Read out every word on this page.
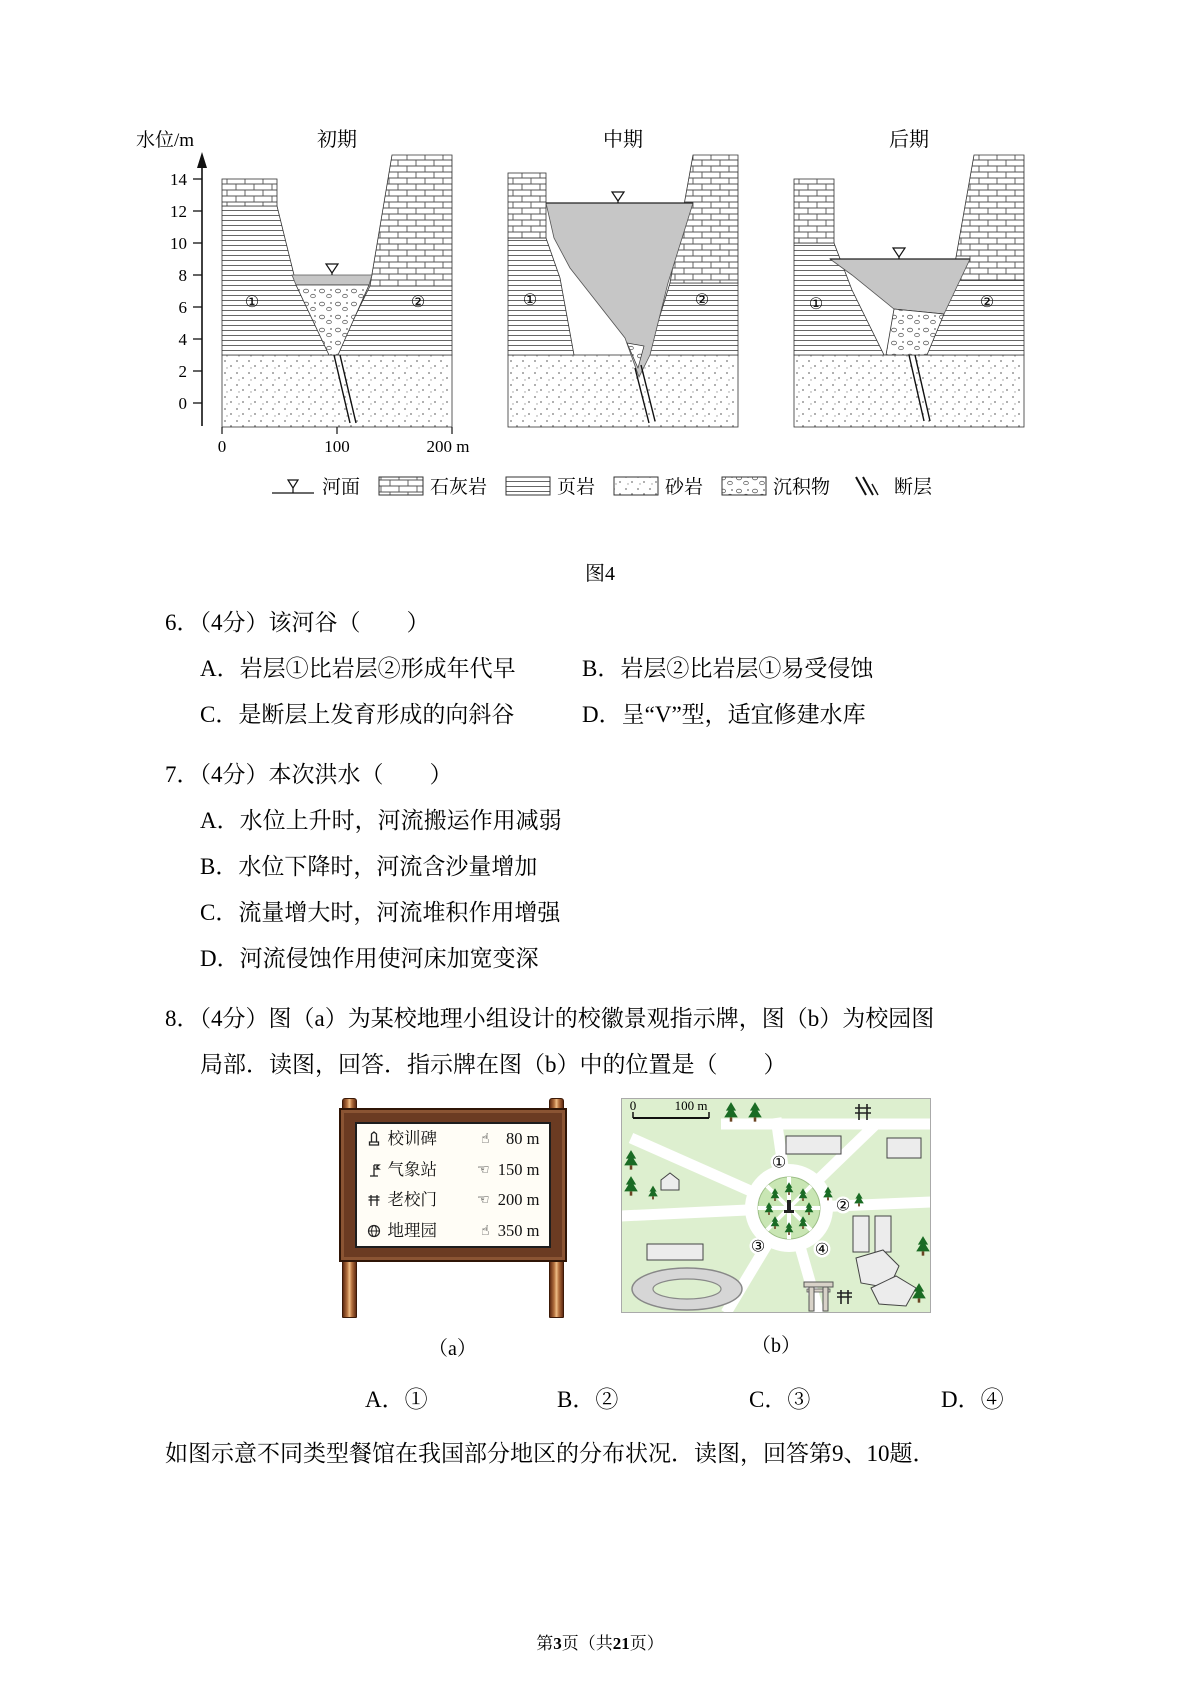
水位/m	初期	中期	后期
14
12
10
8
6
4
2
0
①	②	①	②	①	②
0	100	200 m
河面	石灰岩	页岩	砂岩	沉积物	断层
图4
6．（4分）该河谷（　　）
A．岩层①比岩层②形成年代早	B．岩层②比岩层①易受侵蚀
C．是断层上发育形成的向斜谷	D．呈“V”型，适宜修建水库
7．（4分）本次洪水（　　）
A．水位上升时，河流搬运作用减弱
B．水位下降时，河流含沙量增加
C．流量增大时，河流堆积作用增强
D．河流侵蚀作用使河床加宽变深
8．（4分）图（a）为某校地理小组设计的校徽景观指示牌，图（b）为校园图
局部．读图，回答．指示牌在图（b）中的位置是（　　）
校训碑	☝	80 m
气象站	☜ 150 m
老校门	☜ 200 m
地理园	☝ 350 m
（a）
0	100 m
①
②
③	④
（b）
A．①	B．②	C．③	D．④

如图示意不同类型餐馆在我国部分地区的分布状况．读图，回答第9、10题．

第3页（共21页）
